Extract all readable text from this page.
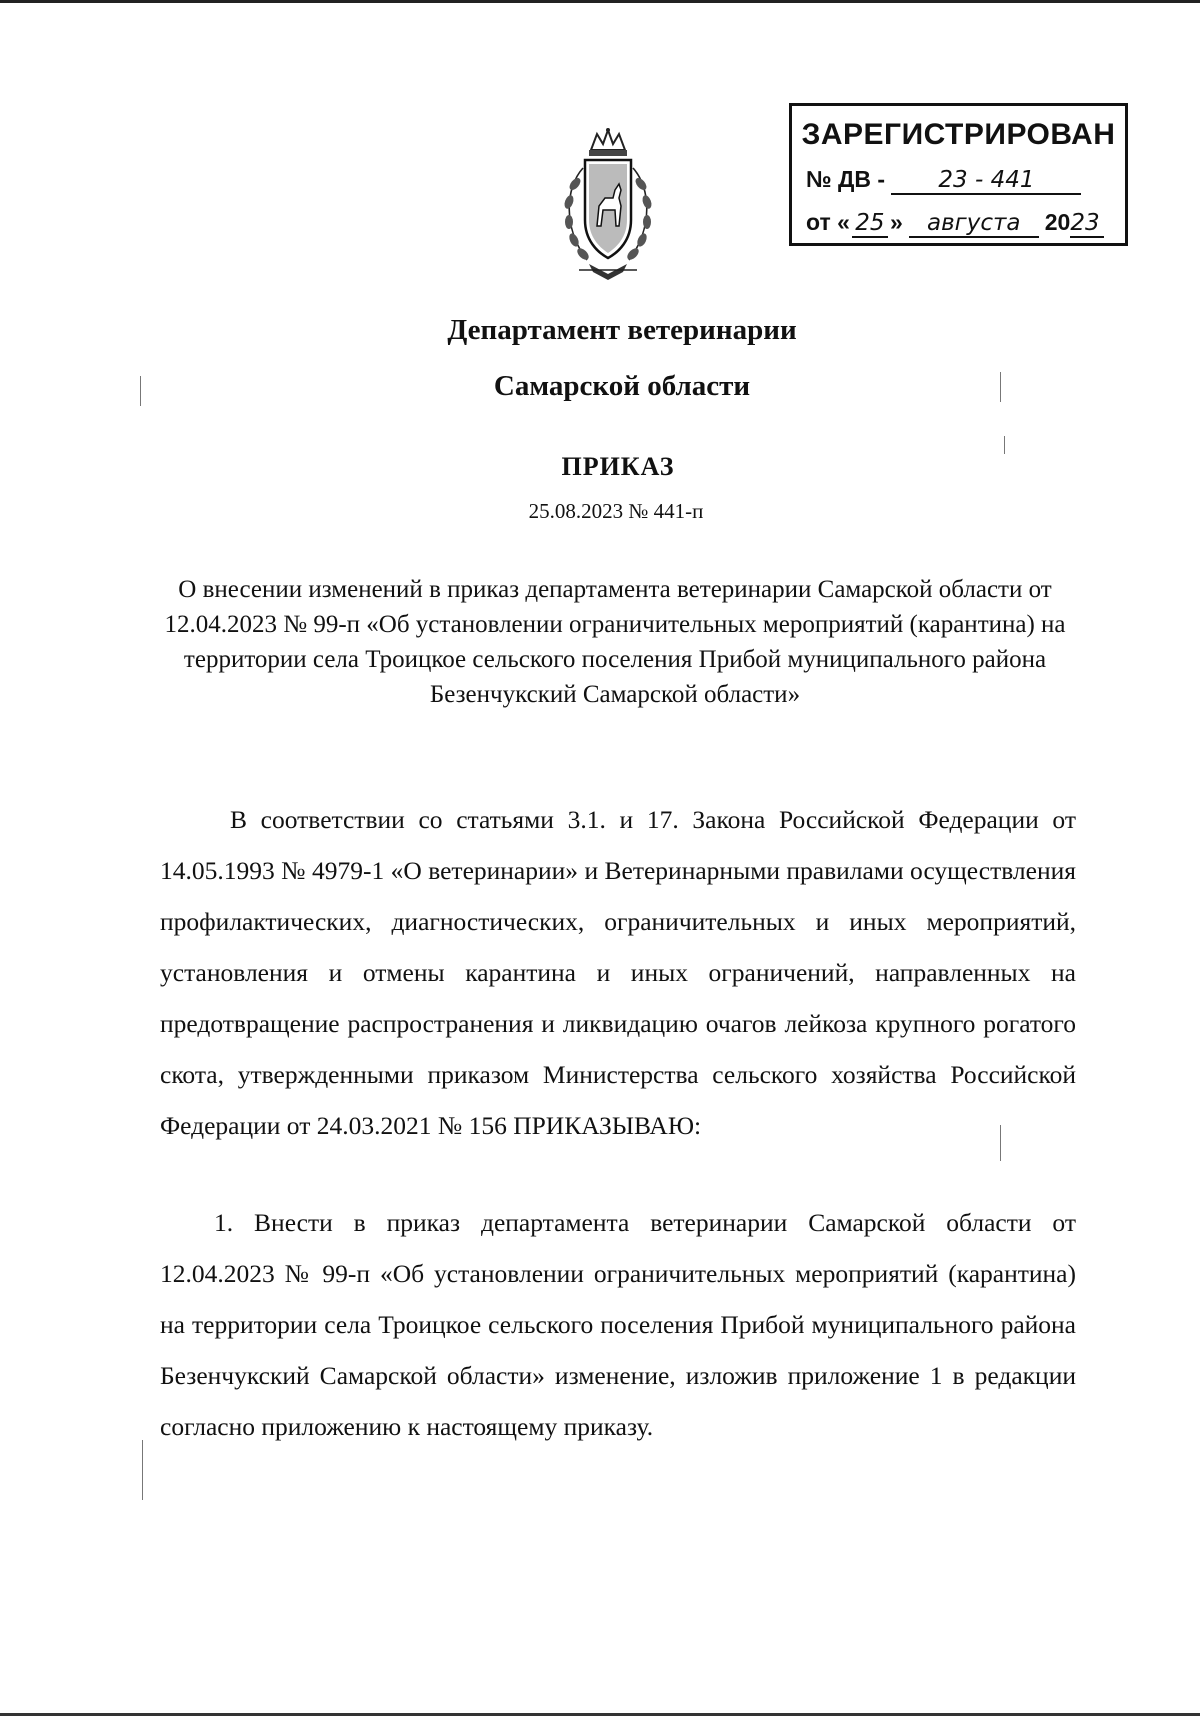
ЗАРЕГИСТРИРОВАН
№ ДВ - 23 - 441
от « 25 » августа 2023
Департамент ветеринарии
Самарской области
ПРИКАЗ
25.08.2023 № 441-п

О внесении изменений в приказ департамента ветеринарии Самарской области от 12.04.2023 № 99-п «Об установлении ограничительных мероприятий (карантина) на территории села Троицкое сельского поселения Прибой муниципального района Безенчукский Самарской области»

В соответствии со статьями 3.1. и 17. Закона Российской Федерации от 14.05.1993 № 4979-1 «О ветеринарии» и Ветеринарными правилами осуществления профилактических, диагностических, ограничительных и иных мероприятий, установления и отмены карантина и иных ограничений, направленных на предотвращение распространения и ликвидацию очагов лейкоза крупного рогатого скота, утвержденными приказом Министерства сельского хозяйства Российской Федерации от 24.03.2021 № 156 ПРИКАЗЫВАЮ:

1. Внести в приказ департамента ветеринарии Самарской области от 12.04.2023 № 99-п «Об установлении ограничительных мероприятий (карантина) на территории села Троицкое сельского поселения Прибой муниципального района Безенчукский Самарской области» изменение, изложив приложение 1 в редакции согласно приложению к настоящему приказу.
